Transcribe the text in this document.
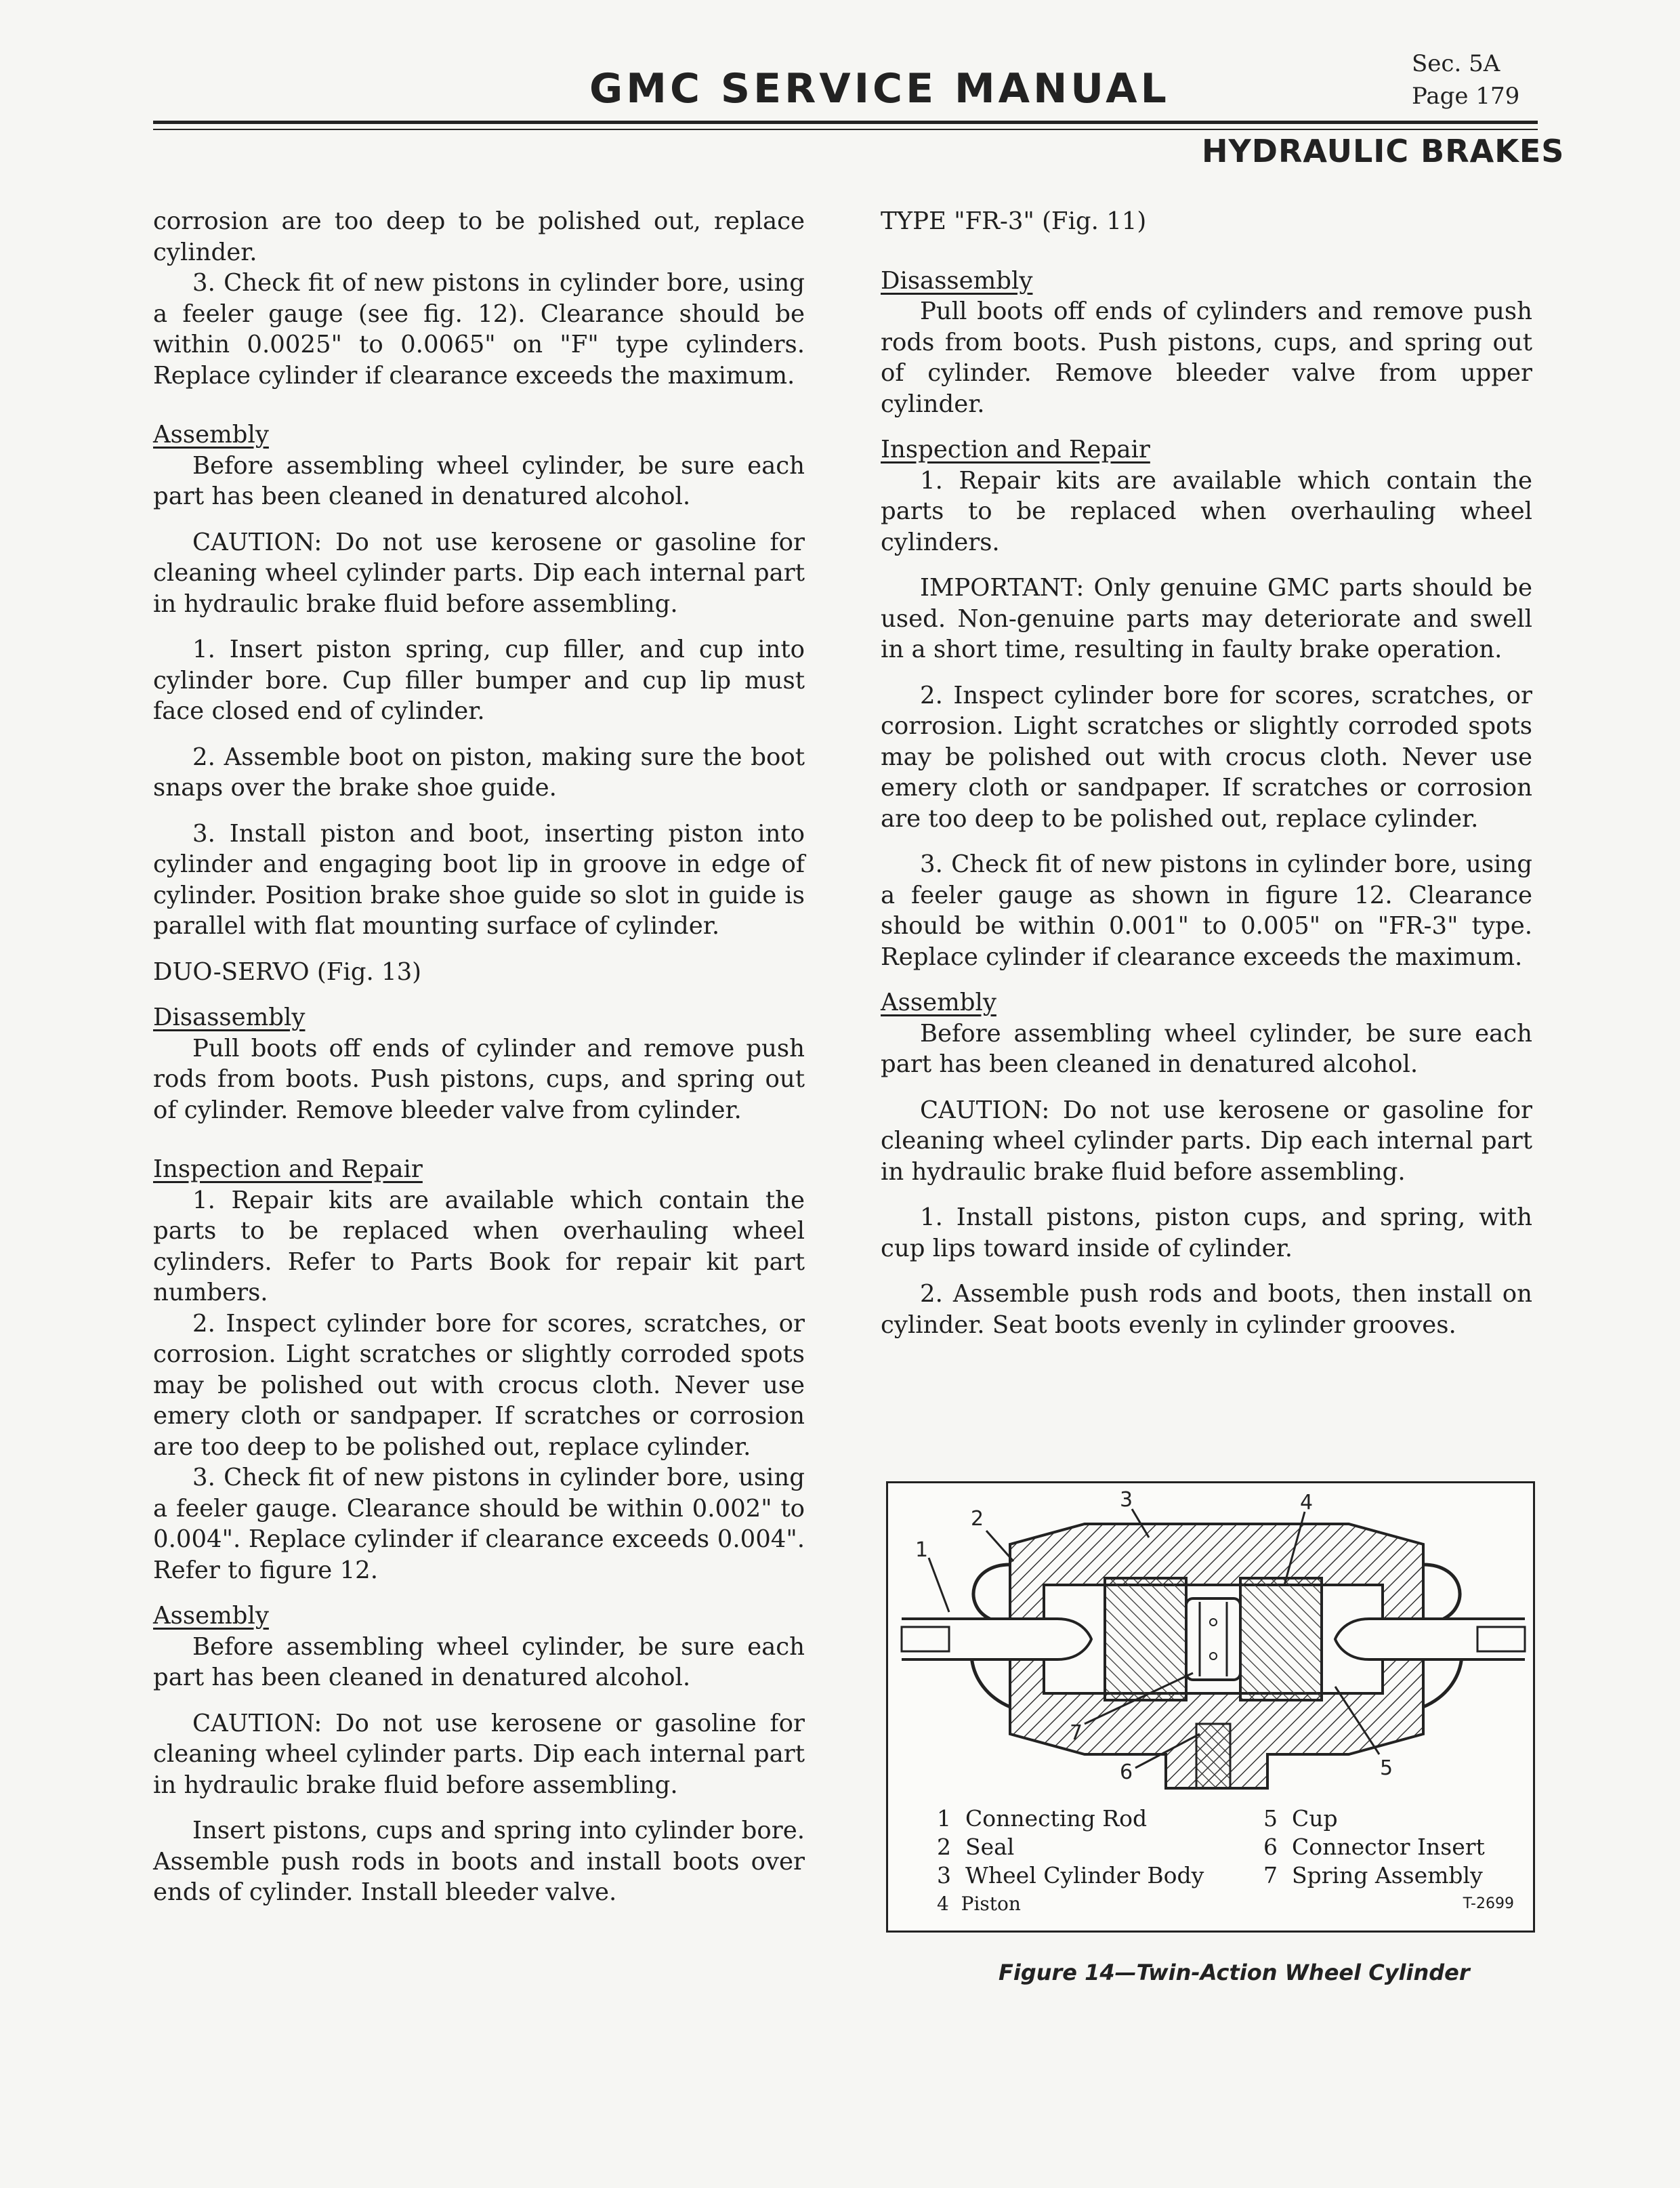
GMC SERVICE MANUAL
Sec. 5A
Page 179
HYDRAULIC BRAKES

corrosion are too deep to be polished out, replace cylinder.

3. Check fit of new pistons in cylinder bore, using a feeler gauge (see fig. 12). Clearance should be within 0.0025" to 0.0065" on "F" type cylinders. Replace cylinder if clearance exceeds the maximum.

Assembly

Before assembling wheel cylinder, be sure each part has been cleaned in denatured alcohol.

CAUTION: Do not use kerosene or gasoline for cleaning wheel cylinder parts. Dip each internal part in hydraulic brake fluid before assembling.

1. Insert piston spring, cup filler, and cup into cylinder bore. Cup filler bumper and cup lip must face closed end of cylinder.

2. Assemble boot on piston, making sure the boot snaps over the brake shoe guide.

3. Install piston and boot, inserting piston into cylinder and engaging boot lip in groove in edge of cylinder. Position brake shoe guide so slot in guide is parallel with flat mounting surface of cylinder.

DUO-SERVO (Fig. 13)

Disassembly

Pull boots off ends of cylinder and remove push rods from boots. Push pistons, cups, and spring out of cylinder. Remove bleeder valve from cylinder.

Inspection and Repair

1. Repair kits are available which contain the parts to be replaced when overhauling wheel cylinders. Refer to Parts Book for repair kit part numbers.

2. Inspect cylinder bore for scores, scratches, or corrosion. Light scratches or slightly corroded spots may be polished out with crocus cloth. Never use emery cloth or sandpaper. If scratches or corrosion are too deep to be polished out, replace cylinder.

3. Check fit of new pistons in cylinder bore, using a feeler gauge. Clearance should be within 0.002" to 0.004". Replace cylinder if clearance exceeds 0.004". Refer to figure 12.

Assembly

Before assembling wheel cylinder, be sure each part has been cleaned in denatured alcohol.

CAUTION: Do not use kerosene or gasoline for cleaning wheel cylinder parts. Dip each internal part in hydraulic brake fluid before assembling.

Insert pistons, cups and spring into cylinder bore. Assemble push rods in boots and install boots over ends of cylinder. Install bleeder valve.

TYPE "FR-3" (Fig. 11)

Disassembly

Pull boots off ends of cylinders and remove push rods from boots. Push pistons, cups, and spring out of cylinder. Remove bleeder valve from upper cylinder.

Inspection and Repair

1. Repair kits are available which contain the parts to be replaced when overhauling wheel cylinders.

IMPORTANT: Only genuine GMC parts should be used. Non-genuine parts may deteriorate and swell in a short time, resulting in faulty brake operation.

2. Inspect cylinder bore for scores, scratches, or corrosion. Light scratches or slightly corroded spots may be polished out with crocus cloth. Never use emery cloth or sandpaper. If scratches or corrosion are too deep to be polished out, replace cylinder.

3. Check fit of new pistons in cylinder bore, using a feeler gauge as shown in figure 12. Clearance should be within 0.001" to 0.005" on "FR-3" type. Replace cylinder if clearance exceeds the maximum.

Assembly

Before assembling wheel cylinder, be sure each part has been cleaned in denatured alcohol.

CAUTION: Do not use kerosene or gasoline for cleaning wheel cylinder parts. Dip each internal part in hydraulic brake fluid before assembling.

1. Install pistons, piston cups, and spring, with cup lips toward inside of cylinder.

2. Assemble push rods and boots, then install on cylinder. Seat boots evenly in cylinder grooves.

1
2
3	4
5
6
7
1 Connecting Rod	5 Cup
2 Seal	6 Connector Insert
3 Wheel Cylinder Body	7 Spring Assembly
4 Piston	T-2699
Figure 14—Twin-Action Wheel Cylinder
